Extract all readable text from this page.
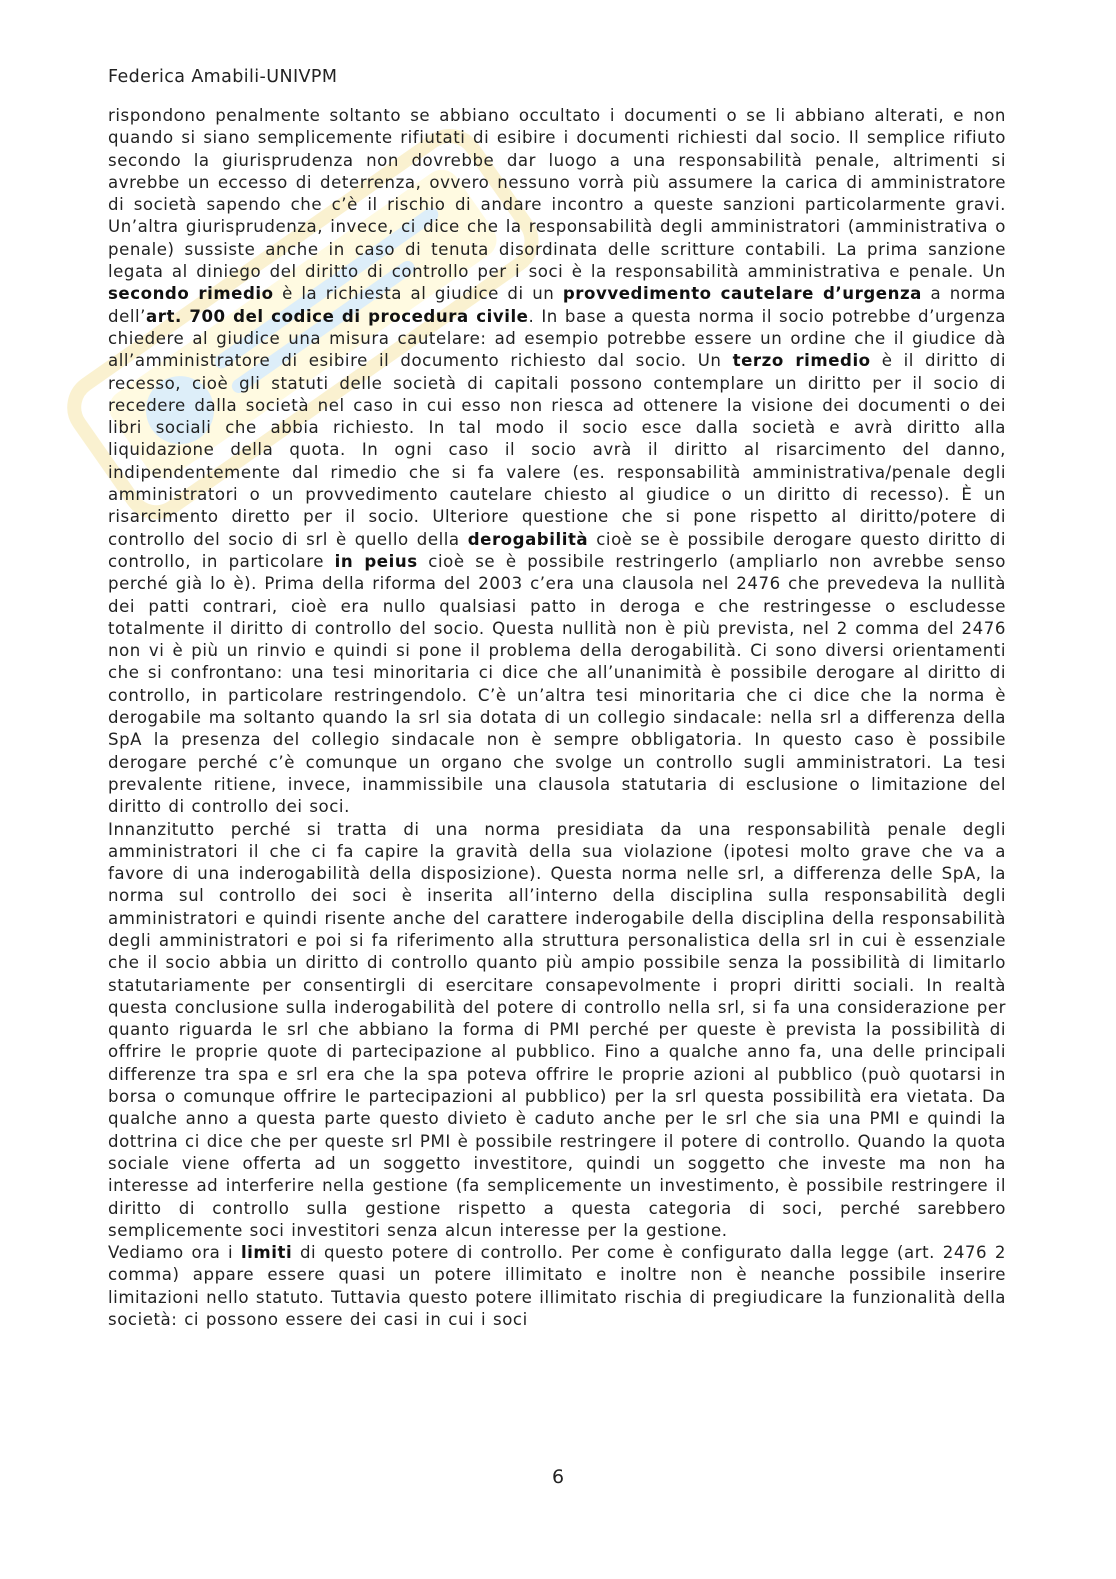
Federica Amabili-UNIVPM

rispondono penalmente soltanto se abbiano occultato i documenti o se li abbiano alterati, e non quando si siano semplicemente rifiutati di esibire i documenti richiesti dal socio. Il semplice rifiuto secondo la giurisprudenza non dovrebbe dar luogo a una responsabilità penale, altrimenti si avrebbe un eccesso di deterrenza, ovvero nessuno vorrà più assumere la carica di amministratore di società sapendo che c’è il rischio di andare incontro a queste sanzioni particolarmente gravi. Un’altra giurisprudenza, invece, ci dice che la responsabilità degli amministratori (amministrativa o penale) sussiste anche in caso di tenuta disordinata delle scritture contabili. La prima sanzione legata al diniego del diritto di controllo per i soci è la responsabilità amministrativa e penale. Un secondo rimedio è la richiesta al giudice di un provvedimento cautelare d’urgenza a norma dell’art. 700 del codice di procedura civile. In base a questa norma il socio potrebbe d’urgenza chiedere al giudice una misura cautelare: ad esempio potrebbe essere un ordine che il giudice dà all’amministratore di esibire il documento richiesto dal socio. Un terzo rimedio è il diritto di recesso, cioè gli statuti delle società di capitali possono contemplare un diritto per il socio di recedere dalla società nel caso in cui esso non riesca ad ottenere la visione dei documenti o dei libri sociali che abbia richiesto. In tal modo il socio esce dalla società e avrà diritto alla liquidazione della quota. In ogni caso il socio avrà il diritto al risarcimento del danno, indipendentemente dal rimedio che si fa valere (es. responsabilità amministrativa/penale degli amministratori o un provvedimento cautelare chiesto al giudice o un diritto di recesso). È un risarcimento diretto per il socio. Ulteriore questione che si pone rispetto al diritto/potere di controllo del socio di srl è quello della derogabilità cioè se è possibile derogare questo diritto di controllo, in particolare in peius cioè se è possibile restringerlo (ampliarlo non avrebbe senso perché già lo è). Prima della riforma del 2003 c’era una clausola nel 2476 che prevedeva la nullità dei patti contrari, cioè era nullo qualsiasi patto in deroga e che restringesse o escludesse totalmente il diritto di controllo del socio. Questa nullità non è più prevista, nel 2 comma del 2476 non vi è più un rinvio e quindi si pone il problema della derogabilità. Ci sono diversi orientamenti che si confrontano: una tesi minoritaria ci dice che all’unanimità è possibile derogare al diritto di controllo, in particolare restringendolo. C’è un’altra tesi minoritaria che ci dice che la norma è derogabile ma soltanto quando la srl sia dotata di un collegio sindacale: nella srl a differenza della SpA la presenza del collegio sindacale non è sempre obbligatoria. In questo caso è possibile derogare perché c’è comunque un organo che svolge un controllo sugli amministratori. La tesi prevalente ritiene, invece, inammissibile una clausola statutaria di esclusione o limitazione del diritto di controllo dei soci.

Innanzitutto perché si tratta di una norma presidiata da una responsabilità penale degli amministratori il che ci fa capire la gravità della sua violazione (ipotesi molto grave che va a favore di una inderogabilità della disposizione). Questa norma nelle srl, a differenza delle SpA, la norma sul controllo dei soci è inserita all’interno della disciplina sulla responsabilità degli amministratori e quindi risente anche del carattere inderogabile della disciplina della responsabilità degli amministratori e poi si fa riferimento alla struttura personalistica della srl in cui è essenziale che il socio abbia un diritto di controllo quanto più ampio possibile senza la possibilità di limitarlo statutariamente per consentirgli di esercitare consapevolmente i propri diritti sociali. In realtà questa conclusione sulla inderogabilità del potere di controllo nella srl, si fa una considerazione per quanto riguarda le srl che abbiano la forma di PMI perché per queste è prevista la possibilità di offrire le proprie quote di partecipazione al pubblico. Fino a qualche anno fa, una delle principali differenze tra spa e srl era che la spa poteva offrire le proprie azioni al pubblico (può quotarsi in borsa o comunque offrire le partecipazioni al pubblico) per la srl questa possibilità era vietata. Da qualche anno a questa parte questo divieto è caduto anche per le srl che sia una PMI e quindi la dottrina ci dice che per queste srl PMI è possibile restringere il potere di controllo. Quando la quota sociale viene offerta ad un soggetto investitore, quindi un soggetto che investe ma non ha interesse ad interferire nella gestione (fa semplicemente un investimento, è possibile restringere il diritto di controllo sulla gestione rispetto a questa categoria di soci, perché sarebbero semplicemente soci investitori senza alcun interesse per la gestione.

Vediamo ora i limiti di questo potere di controllo. Per come è configurato dalla legge (art. 2476 2 comma) appare essere quasi un potere illimitato e inoltre non è neanche possibile inserire limitazioni nello statuto. Tuttavia questo potere illimitato rischia di pregiudicare la funzionalità della società: ci possono essere dei casi in cui i soci

6
